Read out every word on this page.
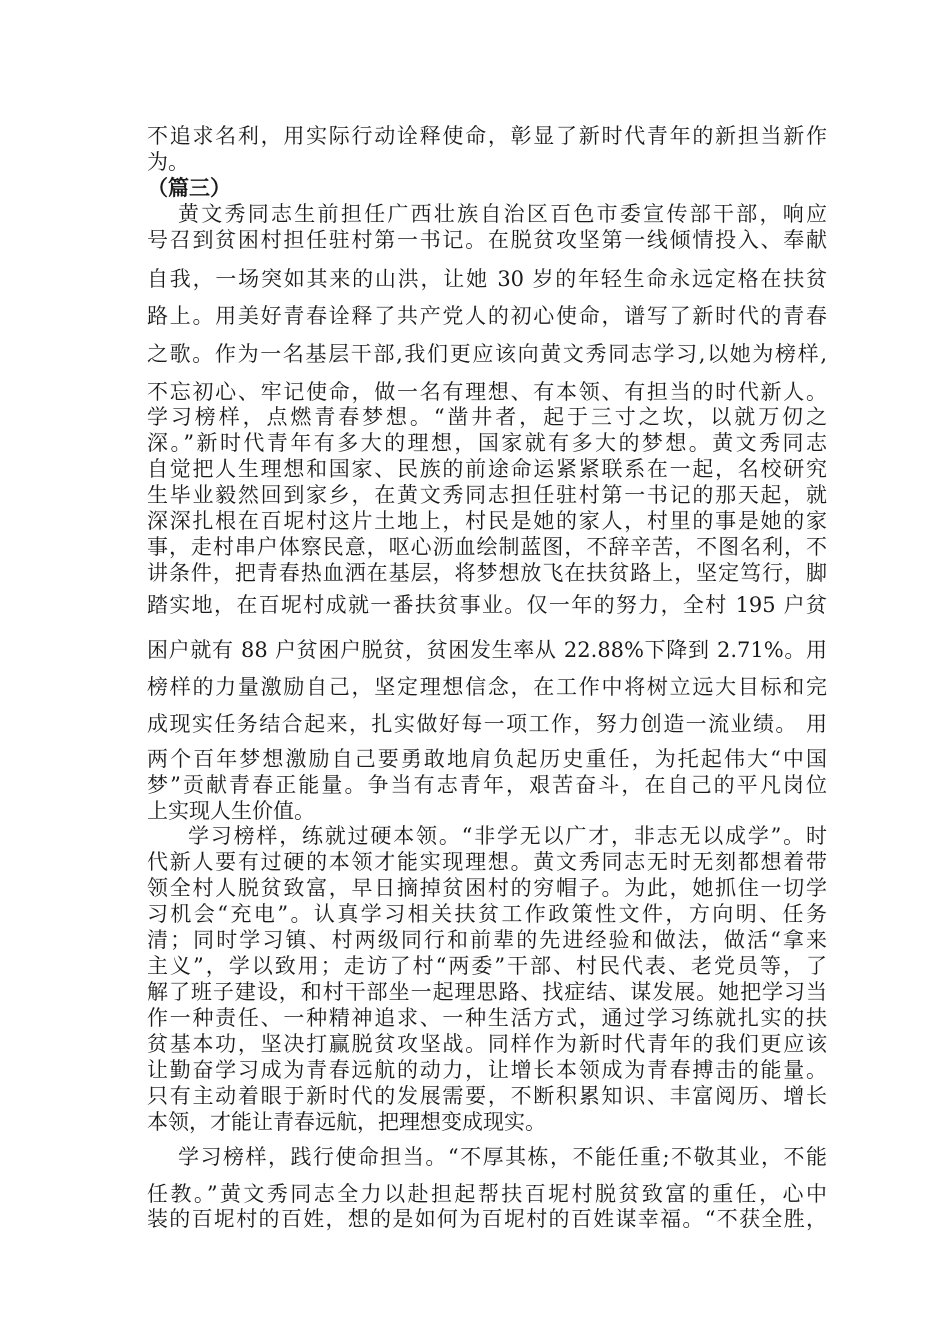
不追求名利，用实际行动诠释使命，彰显了新时代青年的新担当新作
为。
（篇三）
黄文秀同志生前担任广西壮族自治区百色市委宣传部干部，响应
号召到贫困村担任驻村第一书记。在脱贫攻坚第一线倾情投入、奉献
自我，一场突如其来的山洪，让她 30 岁的年轻生命永远定格在扶贫
路上。用美好青春诠释了共产党人的初心使命，谱写了新时代的青春
之歌。作为一名基层干部,我们更应该向黄文秀同志学习,以她为榜样,
不忘初心、牢记使命，做一名有理想、有本领、有担当的时代新人。
学习榜样，点燃青春梦想。“凿井者，起于三寸之坎，以就万仞之
深。”新时代青年有多大的理想，国家就有多大的梦想。黄文秀同志
自觉把人生理想和国家、民族的前途命运紧紧联系在一起，名校研究
生毕业毅然回到家乡，在黄文秀同志担任驻村第一书记的那天起，就
深深扎根在百坭村这片土地上，村民是她的家人，村里的事是她的家
事，走村串户体察民意，呕心沥血绘制蓝图，不辞辛苦，不图名利，不
讲条件，把青春热血洒在基层，将梦想放飞在扶贫路上，坚定笃行，脚
踏实地，在百坭村成就一番扶贫事业。仅一年的努力，全村 195 户贫
困户就有 88 户贫困户脱贫，贫困发生率从 22.88%下降到 2.71%。用
榜样的力量激励自己，坚定理想信念，在工作中将树立远大目标和完
成现实任务结合起来，扎实做好每一项工作，努力创造一流业绩。 用
两个百年梦想激励自己要勇敢地肩负起历史重任，为托起伟大“中国
梦”贡献青春正能量。争当有志青年，艰苦奋斗，在自己的平凡岗位
上实现人生价值。
学习榜样，练就过硬本领。“非学无以广才，非志无以成学”。时
代新人要有过硬的本领才能实现理想。黄文秀同志无时无刻都想着带
领全村人脱贫致富，早日摘掉贫困村的穷帽子。为此，她抓住一切学
习机会“充电”。认真学习相关扶贫工作政策性文件，方向明、任务
清；同时学习镇、村两级同行和前辈的先进经验和做法，做活“拿来
主义”，学以致用；走访了村“两委”干部、村民代表、老党员等，了
解了班子建设，和村干部坐一起理思路、找症结、谋发展。她把学习当
作一种责任、一种精神追求、一种生活方式，通过学习练就扎实的扶
贫基本功，坚决打赢脱贫攻坚战。同样作为新时代青年的我们更应该
让勤奋学习成为青春远航的动力，让增长本领成为青春搏击的能量。
只有主动着眼于新时代的发展需要，不断积累知识、丰富阅历、增长
本领，才能让青春远航，把理想变成现实。
学习榜样，践行使命担当。“不厚其栋，不能任重;不敬其业，不能
任教。”黄文秀同志全力以赴担起帮扶百坭村脱贫致富的重任，心中
装的百坭村的百姓，想的是如何为百坭村的百姓谋幸福。“不获全胜，
